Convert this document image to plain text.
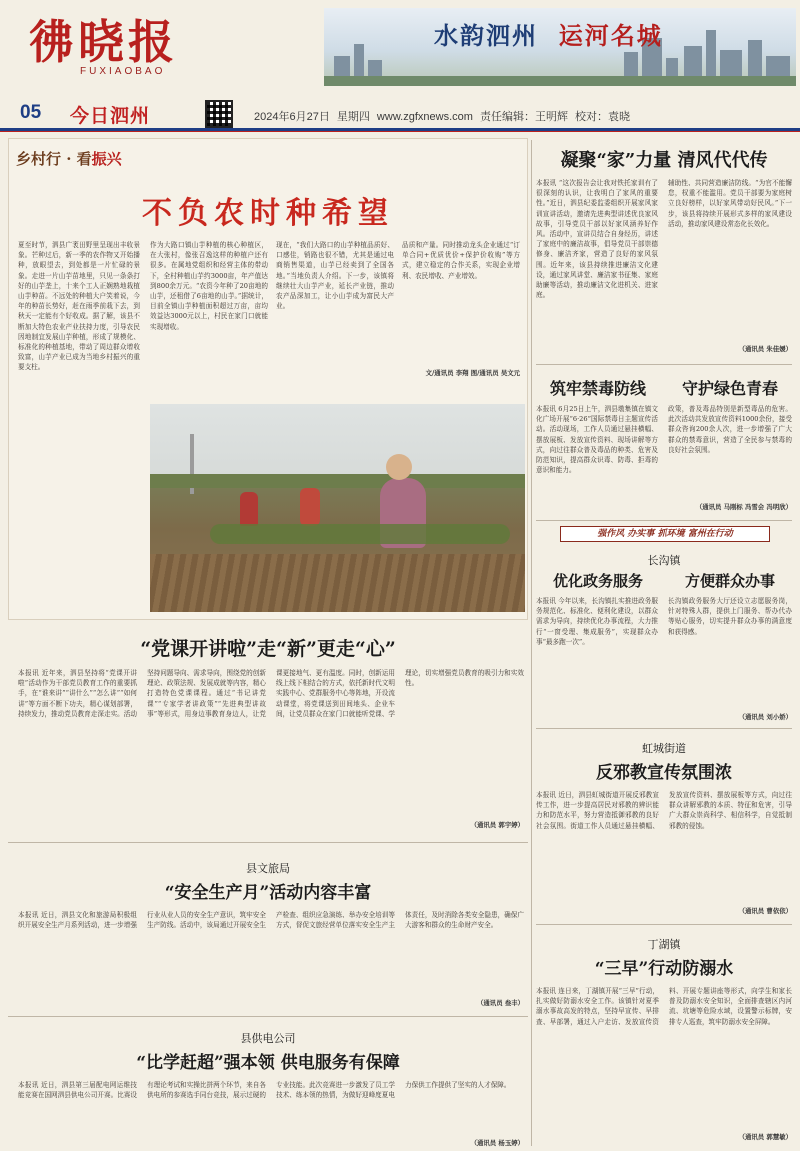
彿晓报
FUXIAOBAO
水韵泗州 运河名城
05 今日泗州	2024年6月27日 星期四 www.zgfxnews.com 责任编辑：王明辉 校对：袁晓
乡村行 · 看振兴
不负农时种希望
夏至时节，泗县广袤田野里呈现出丰收景象。芒种过后，新一季的农作物又开始播种，放眼望去，到处都是一片忙碌的景象。走进一片山芋苗地里，只见一条条打好的山芋垄上，十来个工人正娴熟地栽植山芋种苗。不远处的种植大户笑着说，今年的种苗长势好，赶在雨季前栽下去，到秋天一定能有个好收成。据了解，该县不断加大特色农业产业扶持力度，引导农民因地制宜发展山芋种植，形成了规模化、标准化的种植基地，带动了周边群众增收致富，山芋产业已成为当地乡村振兴的重要支柱。
作为大路口镇山芋种植的核心种植区，在大张村，像张召逸这样的种植户还有很多。在属地党组织和经营主体的带动下，全村种植山芋约3000亩，年产值达到800余万元。“农资今年种了20亩地的山芋，还租借了6亩地的山芋。”据统计，目前全镇山芋种植面积超过万亩，亩均效益达3000元以上，村民在家门口就能实现增收。
现在，“我们大路口的山芋种植品质好、口感佳，销路也很不错，尤其是通过电商销售渠道，山芋已经卖到了全国各地。”当地负责人介绍。下一步，该镇将继续壮大山芋产业，延长产业链，推动农产品深加工，让小山芋成为富民大产业。
品质和产量。同时推动龙头企业通过“订单合同+优质优价+保护价收购”等方式，建立稳定的合作关系，实现企业增利、农民增收、产业增效。
文/通讯员 李翔 图/通讯员 吴文元
凝聚“家”力量 清风代代传
本报讯 “这次报告会让我对铁托家训有了很深刻的认识，让我明白了家风的重要性。”近日，泗县纪委监委组织开展家风家训宣讲活动，邀请先进典型讲述优良家风故事，引导党员干部以好家风涵养好作风。活动中，宣讲员结合自身经历，讲述了家庭中的廉洁故事，倡导党员干部崇德修身、廉洁齐家，营造了良好的家风氛围。近年来，该县持续推进廉洁文化建设，通过家风讲堂、廉洁家书征集、家庭助廉等活动，推动廉洁文化进机关、进家庭。
辅助性、共同营造廉洁防线。“为官不能懈怠，权重不能滥用。党员干部要为家庭树立良好榜样，以好家风带动好民风。”下一步，该县将持续开展形式多样的家风建设活动，推动家风建设常态化长效化。
（通讯员 朱佳媛）
筑牢禁毒防线	守护绿色青春
本报讯 6月25日上午，泗县墩集镇在镇文化广场开展“6·26”国际禁毒日主题宣传活动。活动现场，工作人员通过悬挂横幅、摆放展板、发放宣传资料、现场讲解等方式，向过往群众普及毒品的种类、危害及防范知识，提高群众识毒、防毒、拒毒的意识和能力。
政策，普及毒品特别是新型毒品的危害。此次活动共发放宣传资料1000余份，接受群众咨询200余人次，进一步增强了广大群众的禁毒意识，营造了全民参与禁毒的良好社会氛围。
（通讯员 马刚标 冯雪会 冯明欣）
强作风 办实事 抓环境 富州在行动
长沟镇
优化政务服务	方便群众办事
本报讯 今年以来，长沟镇扎实推进政务服务规范化、标准化、便利化建设，以群众需求为导向，持续优化办事流程，大力推行“一窗受理、集成服务”，实现群众办事“最多跑一次”。
长沟镇政务服务大厅还设立志愿服务岗，针对特殊人群，提供上门服务、帮办代办等贴心服务，切实提升群众办事的满意度和获得感。
（通讯员 刘小娇）
“党课开讲啦”走“新”更走“心”
本报讯 近年来，泗县坚持将“党课开讲啦”活动作为干部党员教育工作的重要抓手，在“谁来讲”“讲什么”“怎么讲”“如何讲”等方面不断下功夫，精心谋划部署，持续发力，推动党员教育走深走实。活动坚持问题导向、需求导向，围绕党的创新理论、政策法规、发展成就等内容，精心打造特色党课课程。通过“书记讲党课”“专家学者讲政策”“先进典型讲故事”等形式，用身边事教育身边人，让党课更接地气、更有温度。同时，创新运用线上线下相结合的方式，依托新时代文明实践中心、党群服务中心等阵地，开设流动课堂，将党课送到田间地头、企业车间，让党员群众在家门口就能听党课、学理论，切实增强党员教育的吸引力和实效性。
（通讯员 郭宇婷）
虹城街道
反邪教宣传氛围浓
本报讯 近日，泗县虹城街道开展反邪教宣传工作，进一步提高居民对邪教的辨识能力和防范水平，努力营造抵御邪教的良好社会氛围。街道工作人员通过悬挂横幅、发放宣传资料、摆放展板等方式，向过往群众讲解邪教的本质、特征和危害，引导广大群众崇尚科学、相信科学，自觉抵制邪教的侵蚀。
（通讯员 曹依依）
县文旅局
“安全生产月”活动内容丰富
本报讯 近日，泗县文化和旅游局积极组织开展安全生产月系列活动，进一步增强行业从业人员的安全生产意识，筑牢安全生产防线。活动中，该局通过开展安全生产检查、组织应急演练、举办安全培训等方式，督促文旅经营单位落实安全生产主体责任，及时消除各类安全隐患，确保广大游客和群众的生命财产安全。
（通讯员 叁丰）
丁湖镇
“三早”行动防溺水
本报讯 连日来，丁湖镇开展“三早”行动，扎实做好防溺水安全工作。该镇针对夏季溺水事故高发的特点，坚持早宣传、早排查、早部署，通过入户走访、发放宣传资料、开展专题讲座等形式，向学生和家长普及防溺水安全知识，全面排查辖区内河流、坑塘等危险水域，设置警示标牌，安排专人巡查，筑牢防溺水安全屏障。
（通讯员 郭慧敏）
县供电公司
“比学赶超”强本领 供电服务有保障
本报讯 近日，泗县第三届配电网运维技能竞赛在国网泗县供电公司开赛。比赛设有理论考试和实操比拼两个环节，来自各供电所的参赛选手同台竞技，展示过硬的专业技能。此次竞赛进一步激发了员工学技术、练本领的热情，为做好迎峰度夏电力保供工作提供了坚实的人才保障。
（通讯员 杨玉婷）
